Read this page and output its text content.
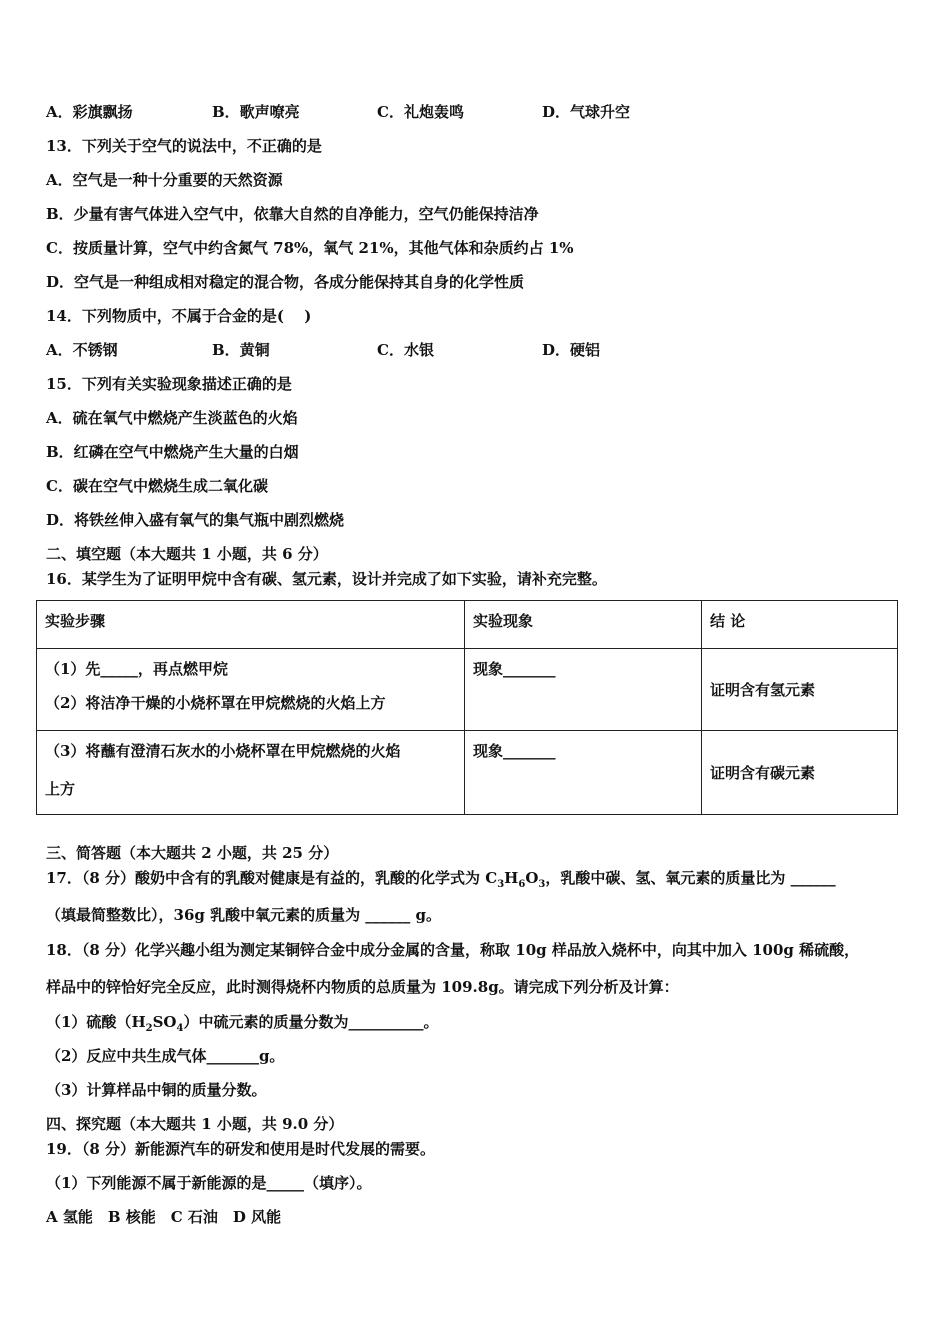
A．彩旗飘扬	B．歌声嘹亮	C．礼炮轰鸣	D．气球升空
13．下列关于空气的说法中，不正确的是
A．空气是一种十分重要的天然资源
B．少量有害气体进入空气中，依靠大自然的自净能力，空气仍能保持洁净
C．按质量计算，空气中约含氮气 78%，氧气 21%，其他气体和杂质约占 1%
D．空气是一种组成相对稳定的混合物，各成分能保持其自身的化学性质
14．下列物质中，不属于合金的是(　 )
A．不锈钢	B．黄铜	C．水银	D．硬铝
15．下列有关实验现象描述正确的是
A．硫在氧气中燃烧产生淡蓝色的火焰
B．红磷在空气中燃烧产生大量的白烟
C．碳在空气中燃烧生成二氧化碳
D．将铁丝伸入盛有氧气的集气瓶中剧烈燃烧
二、填空题（本大题共 1 小题，共 6 分）
16．某学生为了证明甲烷中含有碳、氢元素，设计并完成了如下实验，请补充完整。
实验步骤	实验现象	结 论

（1）先_____，再点燃甲烷
（2）将洁净干燥的小烧杯罩在甲烷燃烧的火焰上方	现象_______	证明含有氢元素

（3）将蘸有澄清石灰水的小烧杯罩在甲烷燃烧的火焰
上方	现象_______	证明含有碳元素
三、简答题（本大题共 2 小题，共 25 分）
17．（8 分）酸奶中含有的乳酸对健康是有益的，乳酸的化学式为 $C_3H_6O_3$，乳酸中碳、氢、氧元素的质量比为 ______
（填最简整数比），36g 乳酸中氧元素的质量为 ______ g。
18．（8 分）化学兴趣小组为测定某铜锌合金中成分金属的含量，称取 10g 样品放入烧杯中，向其中加入 100g 稀硫酸，
样品中的锌恰好完全反应，此时测得烧杯内物质的总质量为 109.8g。请完成下列分析及计算：
（1）硫酸$(H_2SO_4)$中硫元素的质量分数为__________。
（2）反应中共生成气体_______g。
（3）计算样品中铜的质量分数。
四、探究题（本大题共 1 小题，共 9.0 分）
19．（8 分）新能源汽车的研发和使用是时代发展的需要。
（1）下列能源不属于新能源的是_____（填序）。
A 氢能　B 核能　C 石油　D 风能
